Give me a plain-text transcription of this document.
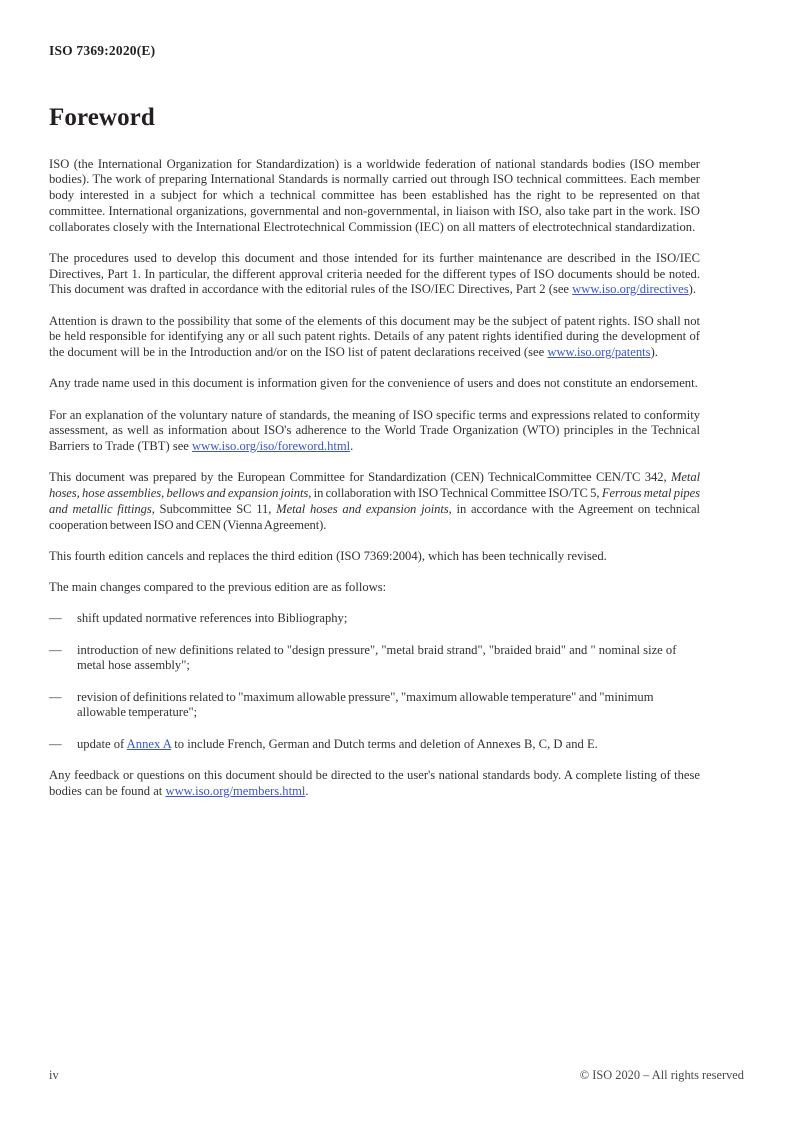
ISO 7369:2020(E)
Foreword

ISO (the International Organization for Standardization) is a worldwide federation of national standards bodies (ISO member bodies). The work of preparing International Standards is normally carried out through ISO technical committees. Each member body interested in a subject for which a technical committee has been established has the right to be represented on that committee. International organizations, governmental and non-governmental, in liaison with ISO, also take part in the work. ISO collaborates closely with the International Electrotechnical Commission (IEC) on all matters of electrotechnical standardization.

The procedures used to develop this document and those intended for its further maintenance are described in the ISO/IEC Directives, Part 1. In particular, the different approval criteria needed for the different types of ISO documents should be noted. This document was drafted in accordance with the editorial rules of the ISO/IEC Directives, Part 2 (see www.iso.org/directives).

Attention is drawn to the possibility that some of the elements of this document may be the subject of patent rights. ISO shall not be held responsible for identifying any or all such patent rights. Details of any patent rights identified during the development of the document will be in the Introduction and/or on the ISO list of patent declarations received (see www.iso.org/patents).

Any trade name used in this document is information given for the convenience of users and does not constitute an endorsement.

For an explanation of the voluntary nature of standards, the meaning of ISO specific terms and expressions related to conformity assessment, as well as information about ISO's adherence to the World Trade Organization (WTO) principles in the Technical Barriers to Trade (TBT) see www.iso.org/iso/foreword.html.

This document was prepared by the European Committee for Standardization (CEN) TechnicalCommittee CEN/TC 342, Metal hoses, hose assemblies, bellows and expansion joints, in collaboration with ISO Technical Committee ISO/TC 5, Ferrous metal pipes and metallic fittings, Subcommittee SC 11, Metal hoses and expansion joints, in accordance with the Agreement on technical cooperation between ISO and CEN (Vienna Agreement).

This fourth edition cancels and replaces the third edition (ISO 7369:2004), which has been technically revised.

The main changes compared to the previous edition are as follows:

—	shift updated normative references into Bibliography;
—	introduction of new definitions related to "design pressure", "metal braid strand", "braided braid" and " nominal size of metal hose assembly";
—	revision of definitions related to "maximum allowable pressure", "maximum allowable temperature" and "minimum allowable temperature";
—	update of Annex A to include French, German and Dutch terms and deletion of Annexes B, C, D and E.

Any feedback or questions on this document should be directed to the user's national standards body. A complete listing of these bodies can be found at www.iso.org/members.html.

iv	© ISO 2020 – All rights reserved
